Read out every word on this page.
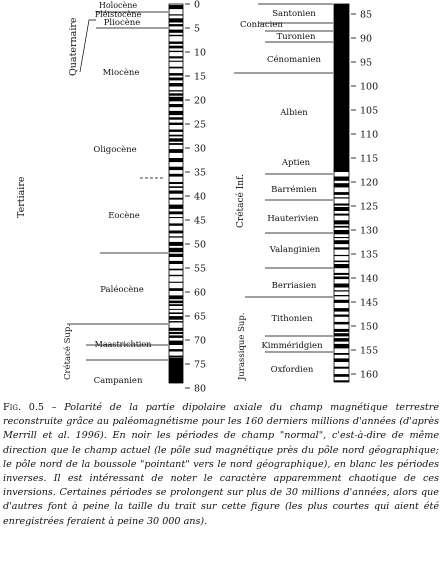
0
5
10
15
20
25
30
35
40
45
50
55
60
65
70
75
80
Quaternaire
Tertiaire
Crétacé Sup.
Holocène
Pléistocène
Pliocène
Miocène
Oligocène
Eocène
Paléocène
Maastrichtien
Campanien
85
90
95
100
105
110
115
120
125
130
135
140
145
150
155
160
Coniacien
Crétacé Inf.
Jurassique Sup.
Santonien
Turonien
Cénomanien
Albien
Aptien
Barrémien
Hauterivien
Valanginien
Berriasien
Tithonien
Kimméridgien
Oxfordien
Fig. 0.5 – Polarité de la partie dipolaire axiale du champ magnétique terrestre reconstruite grâce au paléomagnétisme pour les 160 derniers millions d'années (d'après Merrill et al. 1996). En noir les périodes de champ "normal", c'est-à-dire de même direction que le champ actuel (le pôle sud magnétique près du pôle nord géographique; le pôle nord de la boussole "pointant" vers le nord géographique), en blanc les périodes inverses. Il est intéressant de noter le caractère apparemment chaotique de ces inversions. Certaines périodes se prolongent sur plus de 30 millions d'années, alors que d'autres font à peine la taille du trait sur cette figure (les plus courtes qui aient été enregistrées feraient à peine 30 000 ans).
